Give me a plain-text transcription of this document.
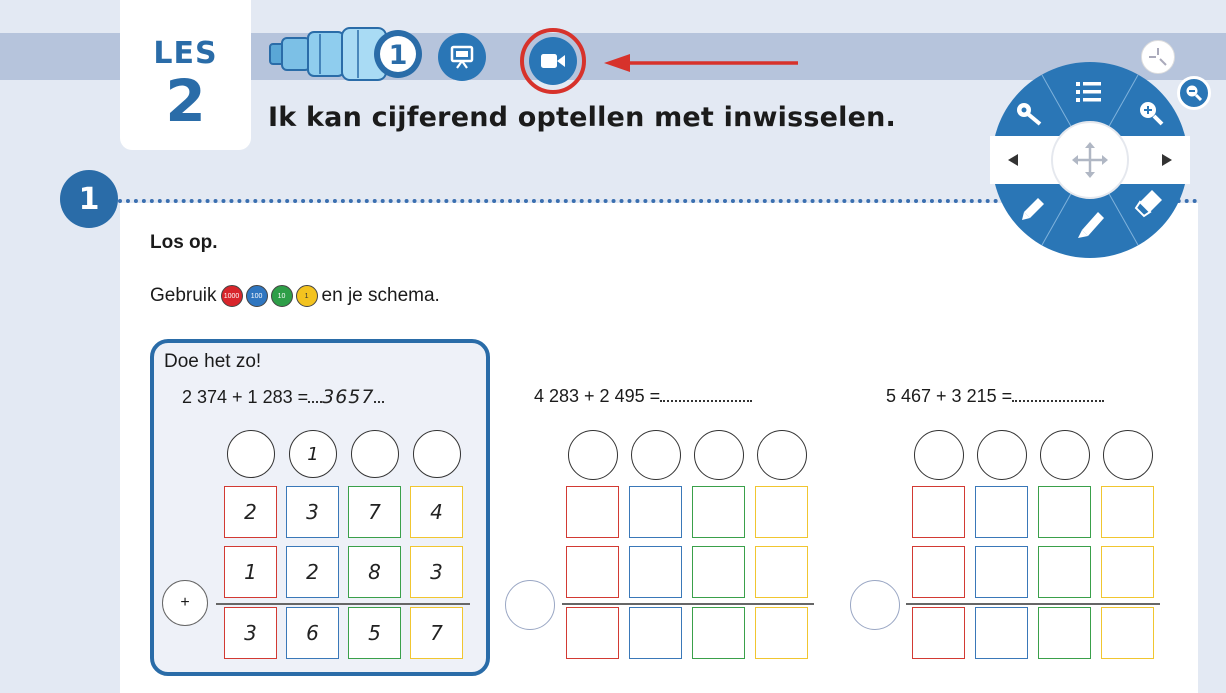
LES
2
1
Ik kan cijferend optellen met inwisselen.
1
Los op.
Gebruik	1000	100	10	1 en je schema.
Doe het zo!
2 374 + 1 283 = 3657
1
2	3	7	4
1	2	8	3
+
3	6	5	7
4 283 + 2 495 =	5 467 + 3 215 =
